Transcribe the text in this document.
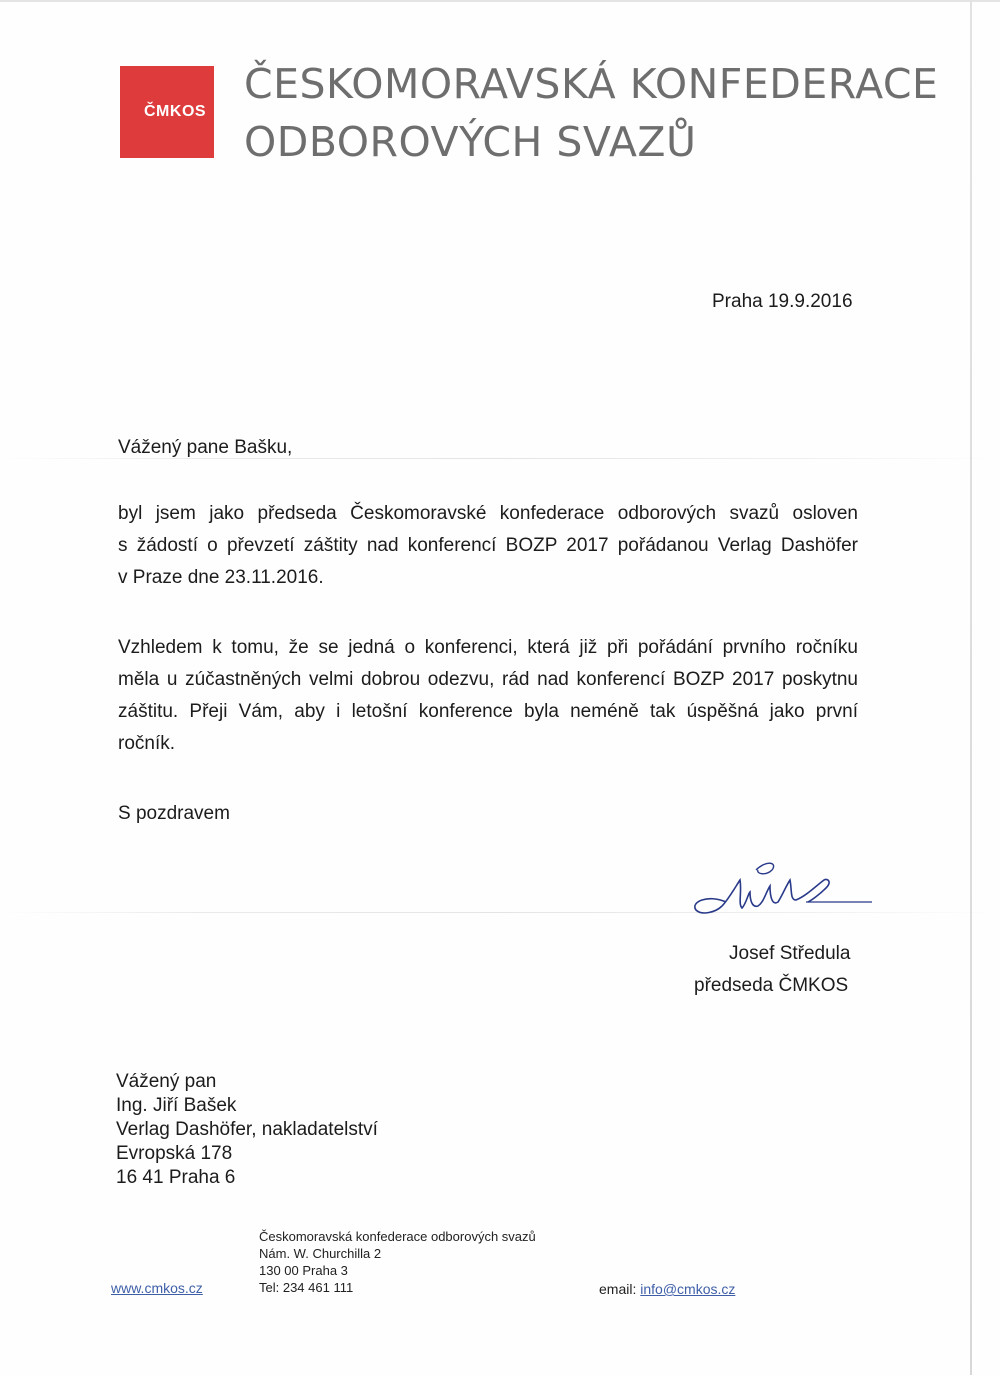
ČMKOS
ČESKOMORAVSKÁ KONFEDERACE
ODBOROVÝCH SVAZŮ
Praha 19.9.2016
Vážený pane Bašku,
byl jsem jako předseda Českomoravské konfederace odborových svazů osloven
s žádostí o převzetí záštity nad konferencí BOZP 2017 pořádanou Verlag Dashöfer
v Praze dne 23.11.2016.
Vzhledem k tomu, že se jedná o konferenci, která již při pořádání prvního ročníku
měla u zúčastněných velmi dobrou odezvu, rád nad konferencí BOZP 2017 poskytnu
záštitu. Přeji Vám, aby i letošní konference byla neméně tak úspěšná jako první
ročník.
S pozdravem
Josef Středula
předseda ČMKOS
Vážený pan
Ing. Jiří Bašek
Verlag Dashöfer, nakladatelství
Evropská 178
16 41 Praha 6
www.cmkos.cz
Českomoravská konfederace odborových svazů
Nám. W. Churchilla 2
130 00 Praha 3
Tel: 234 461 111	email: info@cmkos.cz
